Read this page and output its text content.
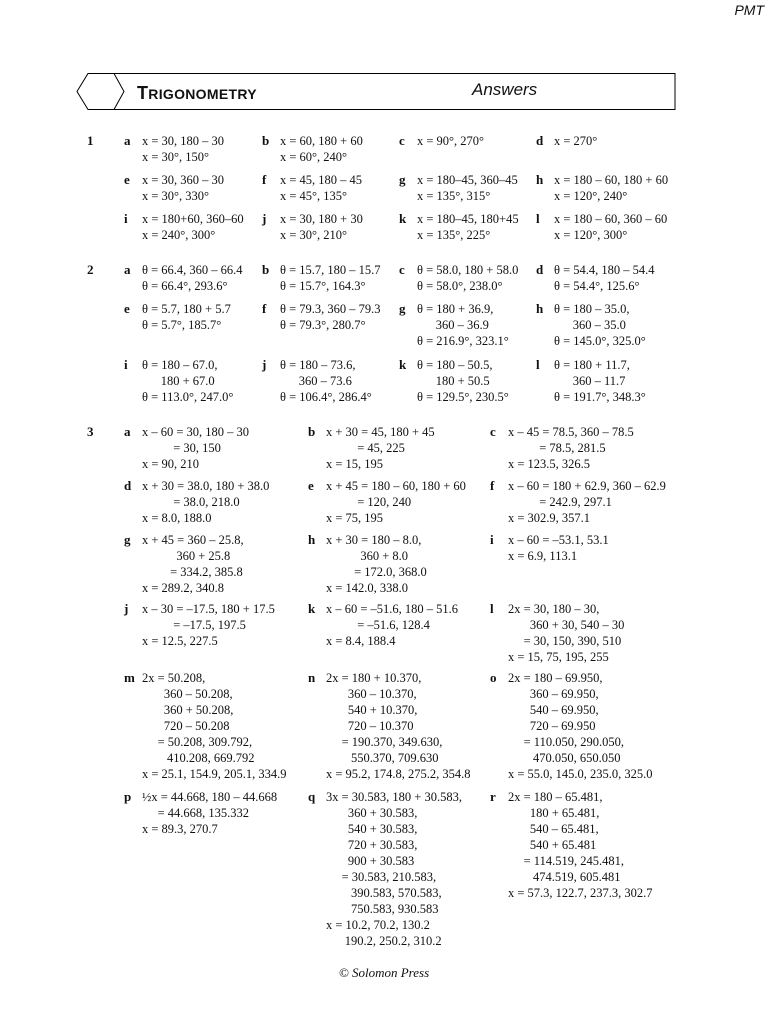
PMT
TRIGONOMETRY	Answers
1 a x = 30, 180 – 30
x = 30°, 150°
b x = 60, 180 + 60
x = 60°, 240°
c x = 90°, 270°	d x = 270°
e x = 30, 360 – 30
x = 30°, 330°
f x = 45, 180 – 45
x = 45°, 135°
g x = 180–45, 360–45
x = 135°, 315°
h x = 180 – 60, 180 + 60
x = 120°, 240°
i x = 180+60, 360–60
x = 240°, 300°
j x = 30, 180 + 30
x = 30°, 210°
k x = 180–45, 180+45
x = 135°, 225°
l x = 180 – 60, 360 – 60
x = 120°, 300°
2 a θ = 66.4, 360 – 66.4
θ = 66.4°, 293.6°
b θ = 15.7, 180 – 15.7
θ = 15.7°, 164.3°
c θ = 58.0, 180 + 58.0
θ = 58.0°, 238.0°
d θ = 54.4, 180 – 54.4
θ = 54.4°, 125.6°
e θ = 5.7, 180 + 5.7
θ = 5.7°, 185.7°
f θ = 79.3, 360 – 79.3
θ = 79.3°, 280.7°
g θ = 180 + 36.9,
360 – 36.9
θ = 216.9°, 323.1°
h θ = 180 – 35.0,
360 – 35.0
θ = 145.0°, 325.0°
i θ = 180 – 67.0,
180 + 67.0
θ = 113.0°, 247.0°
j θ = 180 – 73.6,
360 – 73.6
θ = 106.4°, 286.4°
k θ = 180 – 50.5,
180 + 50.5
θ = 129.5°, 230.5°
l θ = 180 + 11.7,
360 – 11.7
θ = 191.7°, 348.3°
3 a x – 60 = 30, 180 – 30
= 30, 150
x = 90, 210
b x + 30 = 45, 180 + 45
= 45, 225
x = 15, 195
c x – 45 = 78.5, 360 – 78.5
= 78.5, 281.5
x = 123.5, 326.5
d x + 30 = 38.0, 180 + 38.0
= 38.0, 218.0
x = 8.0, 188.0
e x + 45 = 180 – 60, 180 + 60
= 120, 240
x = 75, 195
f x – 60 = 180 + 62.9, 360 – 62.9
= 242.9, 297.1
x = 302.9, 357.1
g x + 45 = 360 – 25.8,
360 + 25.8
= 334.2, 385.8
x = 289.2, 340.8
h x + 30 = 180 – 8.0,
360 + 8.0
= 172.0, 368.0
x = 142.0, 338.0
i x – 60 = –53.1, 53.1
x = 6.9, 113.1
j x – 30 = –17.5, 180 + 17.5
= –17.5, 197.5
x = 12.5, 227.5
k x – 60 = –51.6, 180 – 51.6
= –51.6, 128.4
x = 8.4, 188.4
l 2x = 30, 180 – 30,
360 + 30, 540 – 30
= 30, 150, 390, 510
x = 15, 75, 195, 255
m 2x = 50.208,
360 – 50.208,
360 + 50.208,
720 – 50.208
= 50.208, 309.792,
410.208, 669.792
x = 25.1, 154.9, 205.1, 334.9
n 2x = 180 + 10.370,
360 – 10.370,
540 + 10.370,
720 – 10.370
= 190.370, 349.630,
550.370, 709.630
x = 95.2, 174.8, 275.2, 354.8
o 2x = 180 – 69.950,
360 – 69.950,
540 – 69.950,
720 – 69.950
= 110.050, 290.050,
470.050, 650.050
x = 55.0, 145.0, 235.0, 325.0
p ½x = 44.668, 180 – 44.668
= 44.668, 135.332
x = 89.3, 270.7
q 3x = 30.583, 180 + 30.583,
360 + 30.583,
540 + 30.583,
720 + 30.583,
900 + 30.583
= 30.583, 210.583,
390.583, 570.583,
750.583, 930.583
x = 10.2, 70.2, 130.2
190.2, 250.2, 310.2
r 2x = 180 – 65.481,
180 + 65.481,
540 – 65.481,
540 + 65.481
= 114.519, 245.481,
474.519, 605.481
x = 57.3, 122.7, 237.3, 302.7
© Solomon Press
